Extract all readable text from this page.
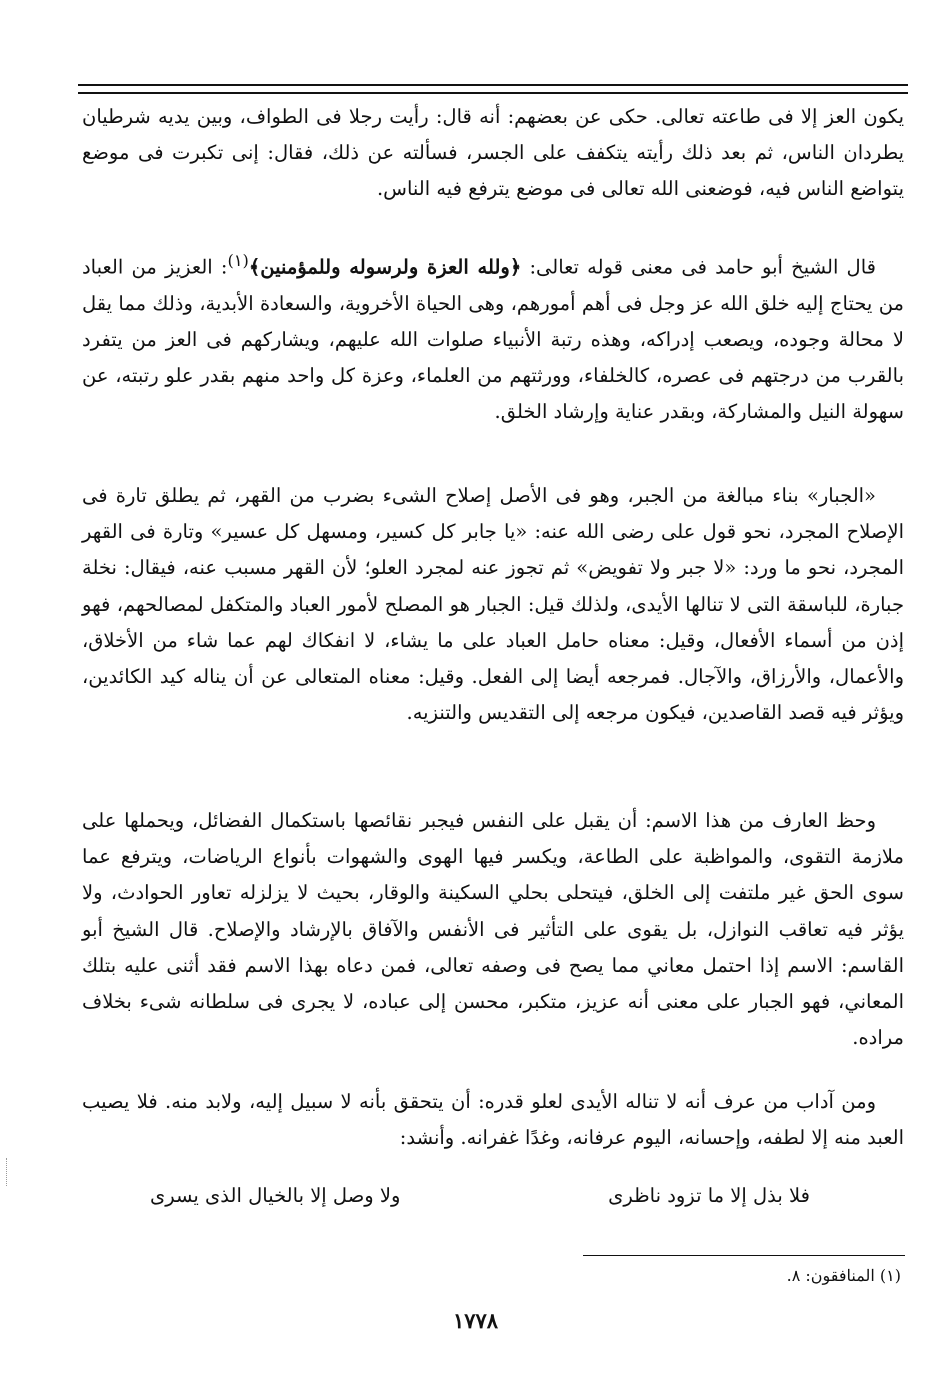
يكون العز إلا فى طاعته تعالى. حكى عن بعضهم: أنه قال: رأيت رجلا فى الطواف، وبين يديه شرطيان يطردان الناس، ثم بعد ذلك رأيته يتكفف على الجسر، فسألته عن ذلك، فقال: إنى تكبرت فى موضع يتواضع الناس فيه، فوضعنى الله تعالى فى موضع يترفع فيه الناس.

قال الشيخ أبو حامد فى معنى قوله تعالى: ﴿ولله العزة ولرسوله وللمؤمنين﴾$^{(١)}$: العزيز من العباد من يحتاج إليه خلق الله عز وجل فى أهم أمورهم، وهى الحياة الأخروية، والسعادة الأبدية، وذلك مما يقل لا محالة وجوده، ويصعب إدراكه، وهذه رتبة الأنبياء صلوات الله عليهم، ويشاركهم فى العز من يتفرد بالقرب من درجتهم فى عصره، كالخلفاء، وورثتهم من العلماء، وعزة كل واحد منهم بقدر علو رتبته، عن سهولة النيل والمشاركة، وبقدر عناية وإرشاد الخلق.

«الجبار» بناء مبالغة من الجبر، وهو فى الأصل إصلاح الشىء بضرب من القهر، ثم يطلق تارة فى الإصلاح المجرد، نحو قول على رضى الله عنه: «يا جابر كل كسير، ومسهل كل عسير» وتارة فى القهر المجرد، نحو ما ورد: «لا جبر ولا تفويض» ثم تجوز عنه لمجرد العلو؛ لأن القهر مسبب عنه، فيقال: نخلة جبارة، للباسقة التى لا تنالها الأيدى، ولذلك قيل: الجبار هو المصلح لأمور العباد والمتكفل لمصالحهم، فهو إذن من أسماء الأفعال، وقيل: معناه حامل العباد على ما يشاء، لا انفكاك لهم عما شاء من الأخلاق، والأعمال، والأرزاق، والآجال. فمرجعه أيضا إلى الفعل. وقيل: معناه المتعالى عن أن يناله كيد الكائدين، ويؤثر فيه قصد القاصدين، فيكون مرجعه إلى التقديس والتنزيه.

وحظ العارف من هذا الاسم: أن يقبل على النفس فيجبر نقائصها باستكمال الفضائل، ويحملها على ملازمة التقوى، والمواظبة على الطاعة، ويكسر فيها الهوى والشهوات بأنواع الرياضات، ويترفع عما سوى الحق غير ملتفت إلى الخلق، فيتحلى بحلي السكينة والوقار، بحيث لا يزلزله تعاور الحوادث، ولا يؤثر فيه تعاقب النوازل، بل يقوى على التأثير فى الأنفس والآفاق بالإرشاد والإصلاح. قال الشيخ أبو القاسم: الاسم إذا احتمل معاني مما يصح فى وصفه تعالى، فمن دعاه بهذا الاسم فقد أثنى عليه بتلك المعاني، فهو الجبار على معنى أنه عزيز، متكبر، محسن إلى عباده، لا يجرى فى سلطانه شىء بخلاف مراده.

ومن آداب من عرف أنه لا تناله الأيدى لعلو قدره: أن يتحقق بأنه لا سبيل إليه، ولابد منه. فلا يصيب العبد منه إلا لطفه، وإحسانه، اليوم عرفانه، وغدًا غفرانه. وأنشد:

فلا بذل إلا ما تزود ناظرى
ولا وصل إلا بالخيال الذى يسرى
(١) المنافقون: ٨.
١٧٧٨
